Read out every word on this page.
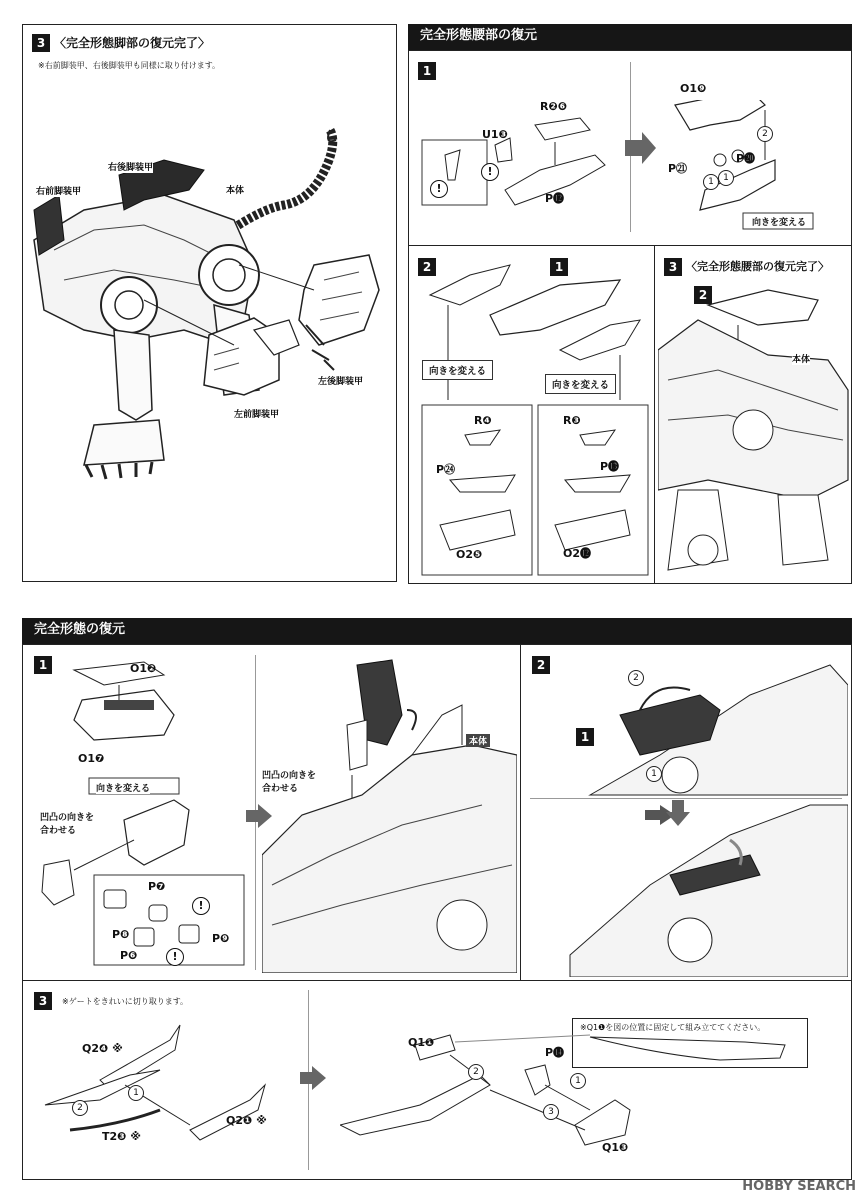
3 〈完全形態脚部の復元完了〉
※右前脚装甲、右後脚装甲も同様に取り付けます。
右後脚装甲
右前脚装甲	本体
左後脚装甲
左前脚装甲
完全形態腰部の復元
1
R❷❻
U1❸
P⓬
O1❾
P㉑
P⓴
!
!
2
1	1
向きを変える
2	1
向きを変える
向きを変える
R❹
P㉔
O2❺
R❸
P⓭
O2⓬
3 〈完全形態腰部の復元完了〉
2
本体
完全形態の復元
1	O1❷
O1❼
向きを変える
凹凸の向きを
合わせる
P❼
P❽
P❻
P❾
!
!
本体
凹凸の向きを
合わせる
2
1
2
1
3	※ゲートをきれいに切り取ります。
Q2❹ ※
T2❸ ※
Q2❶ ※
1
2
※Q1❶を図の位置に固定して組み立ててください。
Q1❶
P⓮
Q1❸
2
1
3
HOBBY SEARCH
